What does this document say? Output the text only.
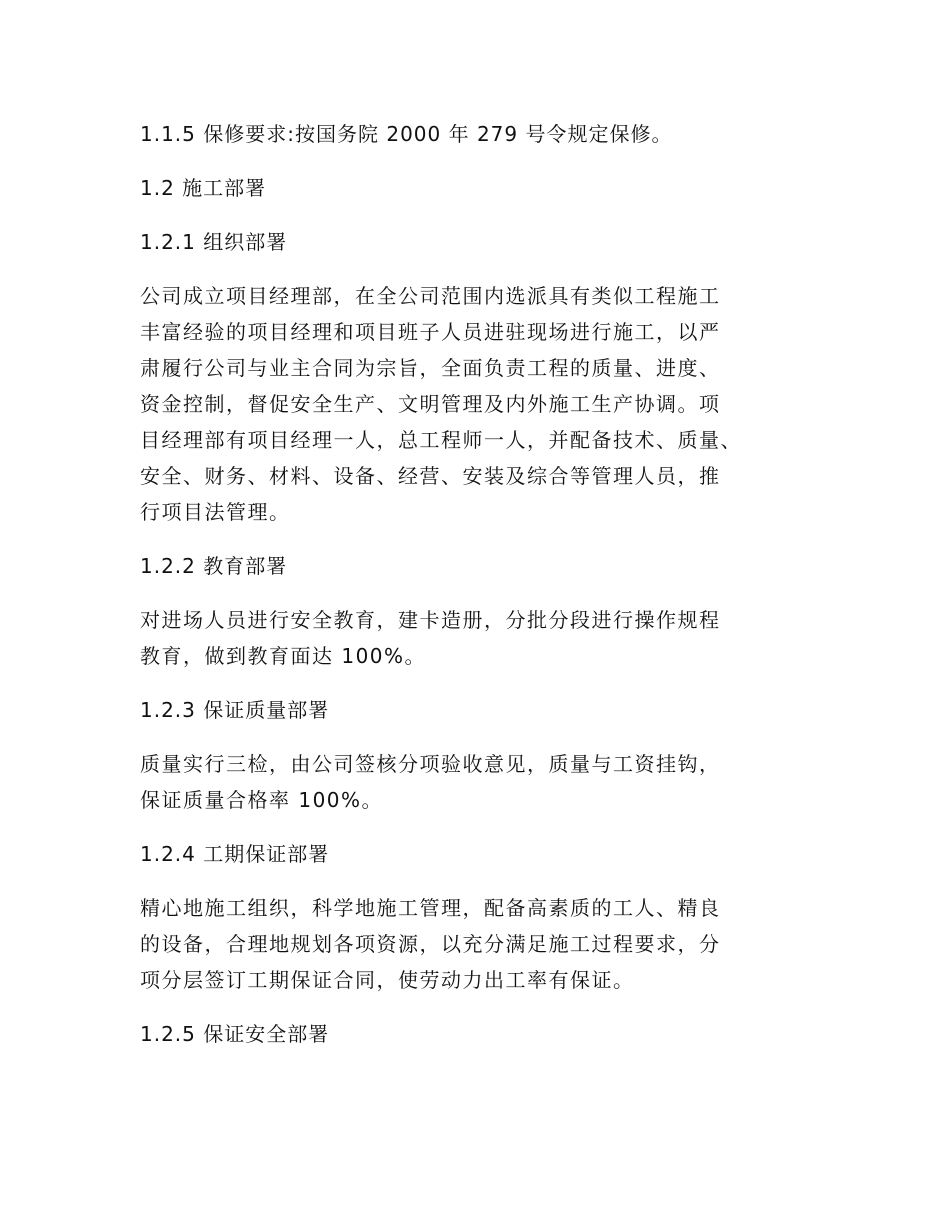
1.1.5 保修要求:按国务院 2000 年 279 号令规定保修。
1.2 施工部署
1.2.1 组织部署
公司成立项目经理部，在全公司范围内选派具有类似工程施工
丰富经验的项目经理和项目班子人员进驻现场进行施工，以严
肃履行公司与业主合同为宗旨，全面负责工程的质量、进度、
资金控制，督促安全生产、文明管理及内外施工生产协调。项
目经理部有项目经理一人，总工程师一人，并配备技术、质量、
安全、财务、材料、设备、经营、安装及综合等管理人员，推
行项目法管理。
1.2.2 教育部署
对进场人员进行安全教育，建卡造册，分批分段进行操作规程
教育，做到教育面达 100%。
1.2.3 保证质量部署
质量实行三检，由公司签核分项验收意见，质量与工资挂钩，
保证质量合格率 100%。
1.2.4 工期保证部署
精心地施工组织，科学地施工管理，配备高素质的工人、精良
的设备，合理地规划各项资源，以充分满足施工过程要求，分
项分层签订工期保证合同，使劳动力出工率有保证。
1.2.5 保证安全部署
